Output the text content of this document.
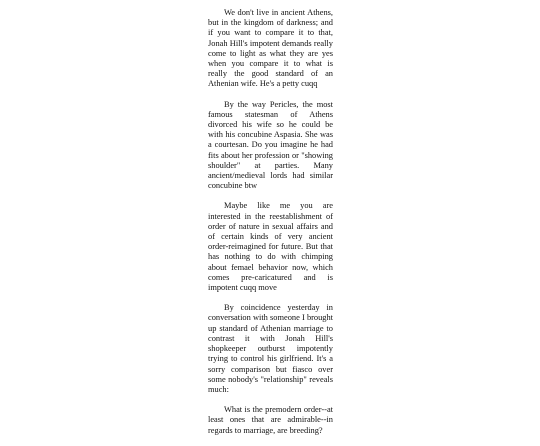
We don't live in ancient Athens, but in the kingdom of darkness; and if you want to compare it to that, Jonah Hill's impotent demands really come to light as what they are yes when you compare it to what is really the good standard of an Athenian wife. He's a petty cuqq

By the way Pericles, the most famous statesman of Athens divorced his wife so he could be with his concubine Aspasia. She was a courtesan. Do you imagine he had fits about her profession or "showing shoulder" at parties. Many ancient/medieval lords had similar concubine btw

Maybe like me you are interested in the reestablishment of order of nature in sexual affairs and of certain kinds of very ancient order-reimagined for future. But that has nothing to do with chimping about femael behavior now, which comes pre-caricatured and is impotent cuqq move

By coincidence yesterday in conversation with someone I brought up standard of Athenian marriage to contrast it with Jonah Hill's shopkeeper outburst impotently trying to control his girlfriend. It's a sorry comparison but fiasco over some nobody's "relationship" reveals much:

What is the premodern order--at least ones that are admirable--in regards to marriage, are breeding?
